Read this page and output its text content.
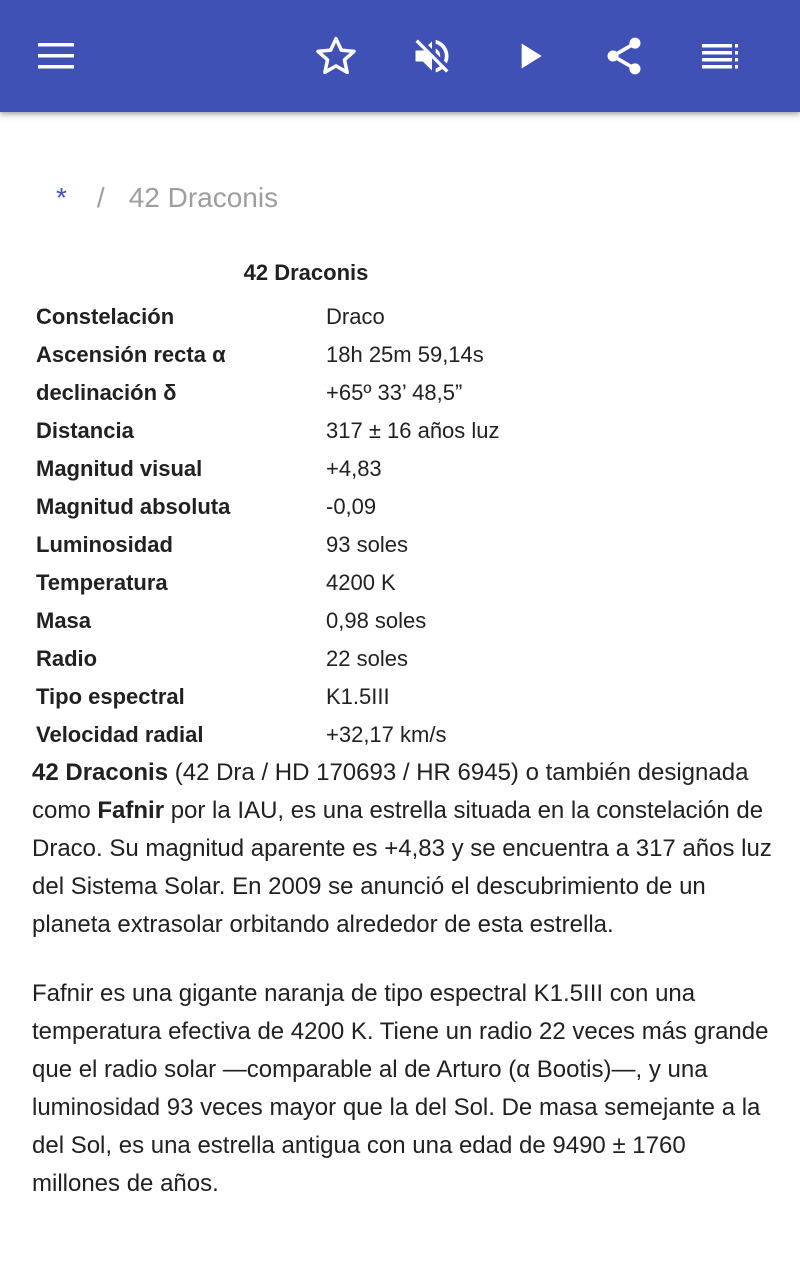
* / 42 Draconis
42 Draconis
Constelación	Draco
Ascensión recta α	18h 25m 59,14s
declinación δ	+65º 33’ 48,5”
Distancia	317 ± 16 años luz
Magnitud visual	+4,83
Magnitud absoluta	-0,09
Luminosidad	93 soles
Temperatura	4200 K
Masa	0,98 soles
Radio	22 soles
Tipo espectral	K1.5III
Velocidad radial	+32,17 km/s

42 Draconis (42 Dra / HD 170693 / HR 6945) o también designada como Fafnir por la IAU, es una estrella situada en la constelación de Draco. Su magnitud aparente es +4,83 y se encuentra a 317 años luz del Sistema Solar. En 2009 se anunció el descubrimiento de un planeta extrasolar orbitando alrededor de esta estrella.

Fafnir es una gigante naranja de tipo espectral K1.5III con una temperatura efectiva de 4200 K. Tiene un radio 22 veces más grande que el radio solar —comparable al de Arturo (α Bootis)—, y una luminosidad 93 veces mayor que la del Sol. De masa semejante a la del Sol, es una estrella antigua con una edad de 9490 ± 1760 millones de años.
